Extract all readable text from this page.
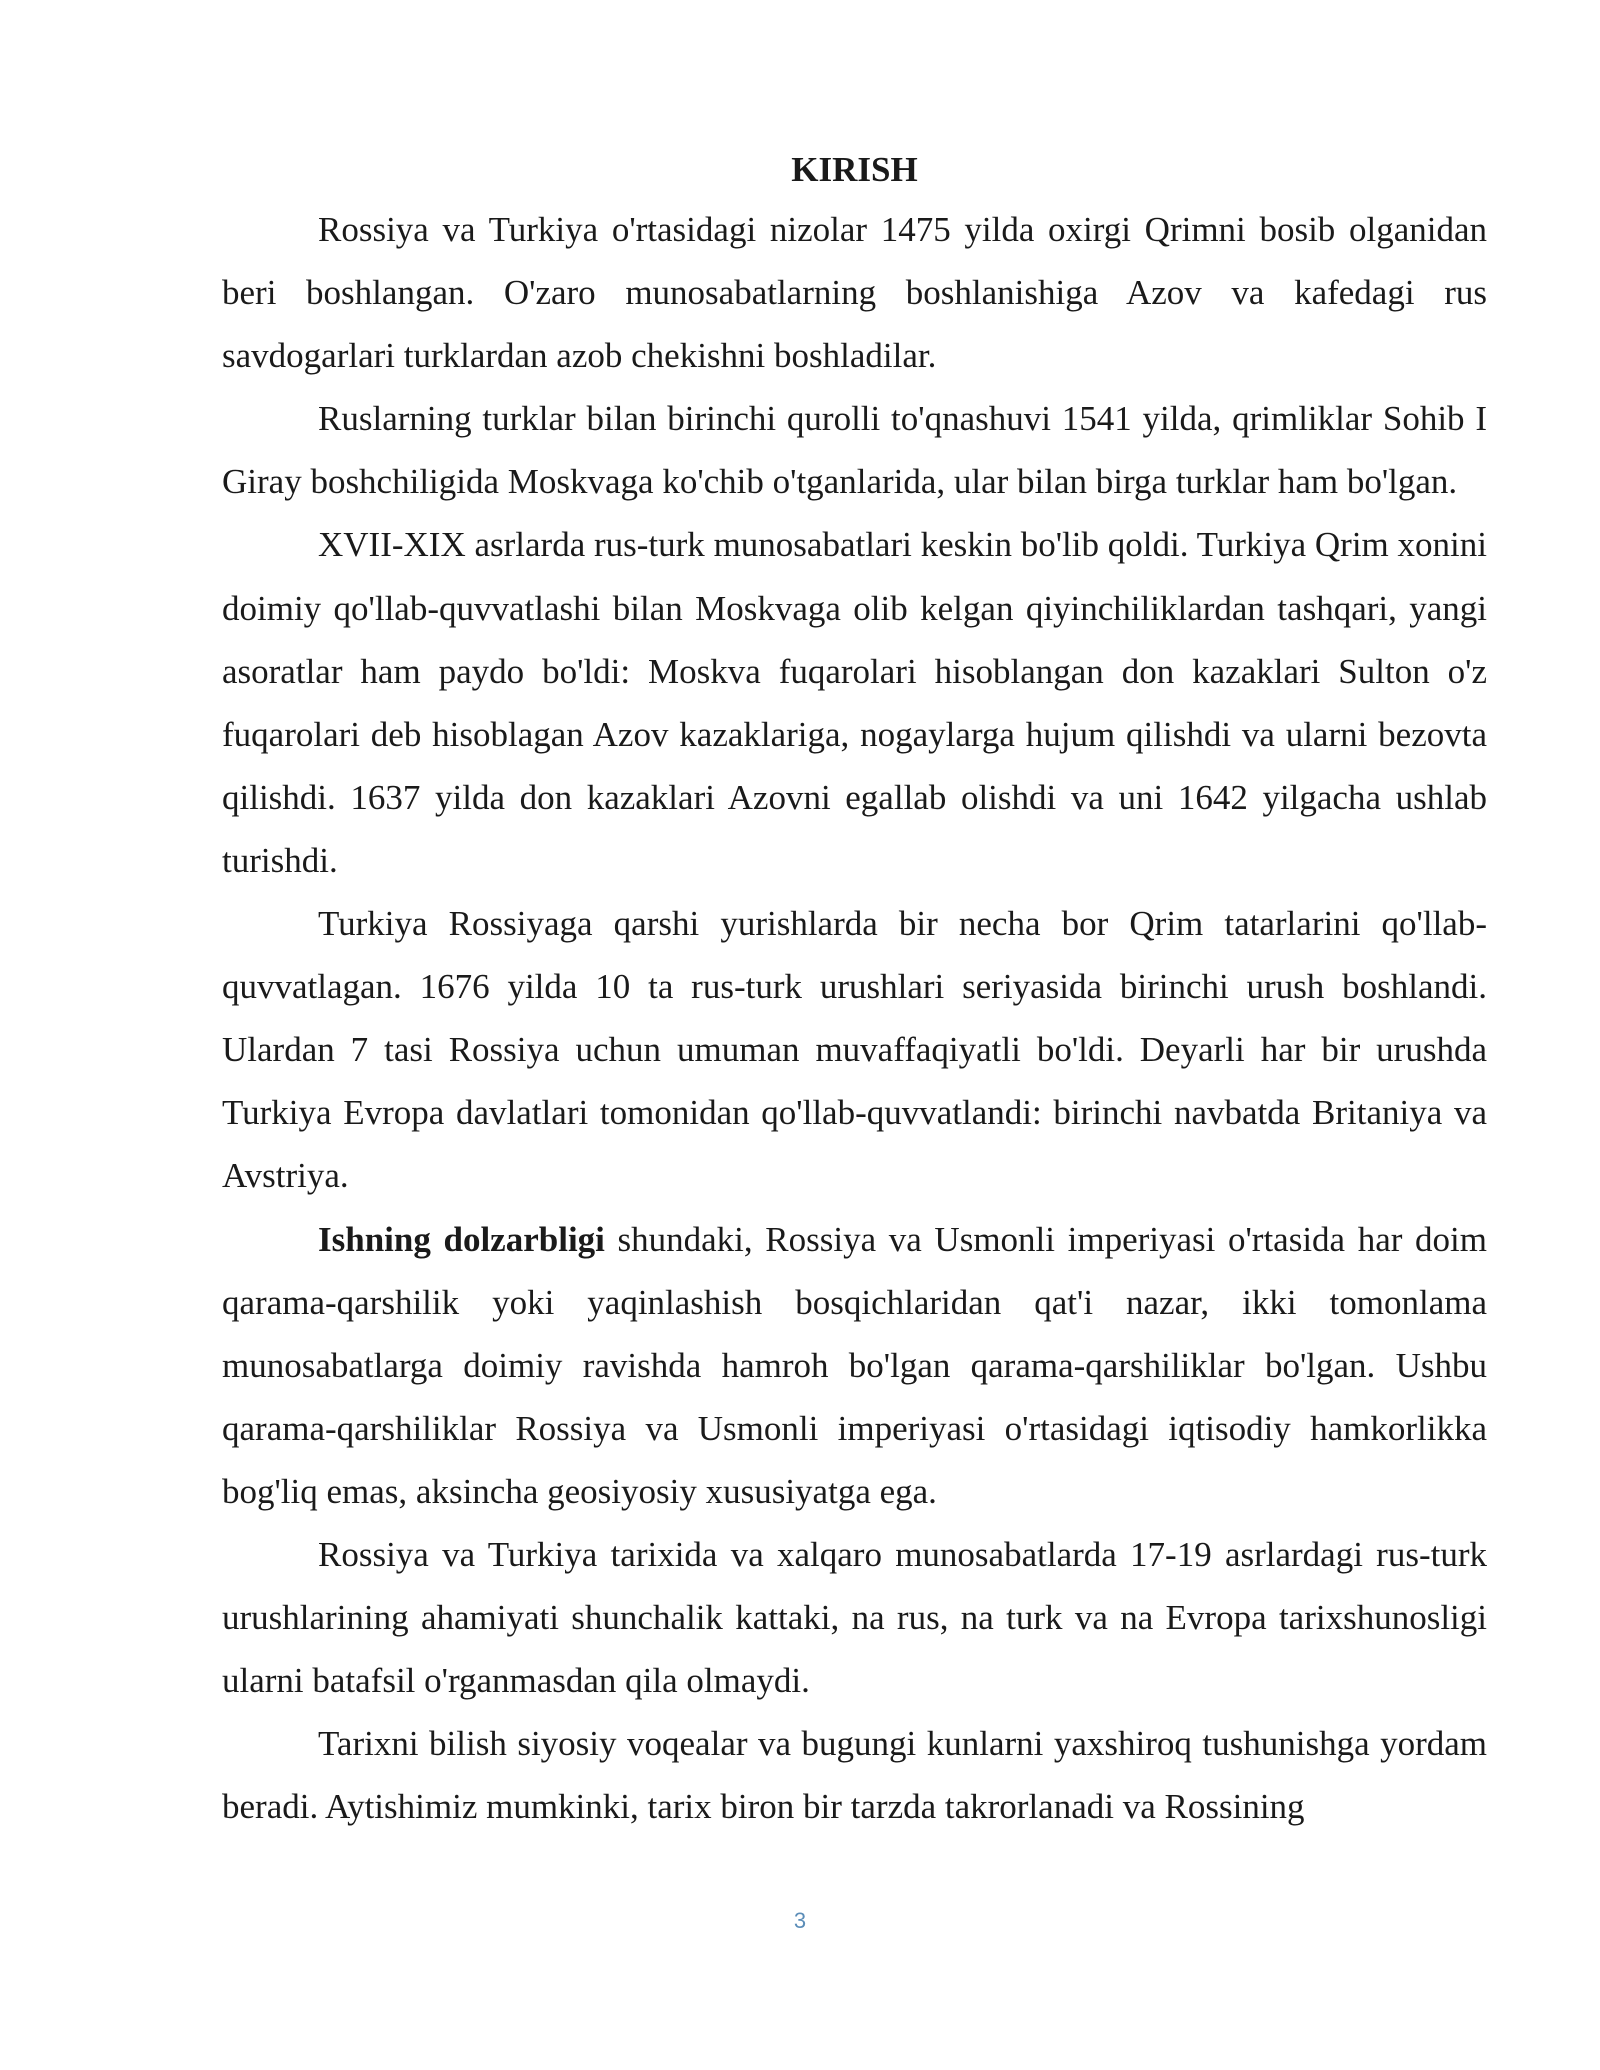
KIRISH

Rossiya va Turkiya o'rtasidagi nizolar 1475 yilda oxirgi Qrimni bosib olganidan beri boshlangan. O'zaro munosabatlarning boshlanishiga Azov va kafedagi rus savdogarlari turklardan azob chekishni boshladilar.

Ruslarning turklar bilan birinchi qurolli to'qnashuvi 1541 yilda, qrimliklar Sohib I Giray boshchiligida Moskvaga ko'chib o'tganlarida, ular bilan birga turklar ham bo'lgan.

XVII-XIX asrlarda rus-turk munosabatlari keskin bo'lib qoldi. Turkiya Qrim xonini doimiy qo'llab-quvvatlashi bilan Moskvaga olib kelgan qiyinchiliklardan tashqari, yangi asoratlar ham paydo bo'ldi: Moskva fuqarolari hisoblangan don kazaklari Sulton o'z fuqarolari deb hisoblagan Azov kazaklariga, nogaylarga hujum qilishdi va ularni bezovta qilishdi. 1637 yilda don kazaklari Azovni egallab olishdi va uni 1642 yilgacha ushlab turishdi.

Turkiya Rossiyaga qarshi yurishlarda bir necha bor Qrim tatarlarini qo'llab-quvvatlagan. 1676 yilda 10 ta rus-turk urushlari seriyasida birinchi urush boshlandi. Ulardan 7 tasi Rossiya uchun umuman muvaffaqiyatli bo'ldi. Deyarli har bir urushda Turkiya Evropa davlatlari tomonidan qo'llab-quvvatlandi: birinchi navbatda Britaniya va Avstriya.

Ishning dolzarbligi shundaki, Rossiya va Usmonli imperiyasi o'rtasida har doim qarama-qarshilik yoki yaqinlashish bosqichlaridan qat'i nazar, ikki tomonlama munosabatlarga doimiy ravishda hamroh bo'lgan qarama-qarshiliklar bo'lgan. Ushbu qarama-qarshiliklar Rossiya va Usmonli imperiyasi o'rtasidagi iqtisodiy hamkorlikka bog'liq emas, aksincha geosiyosiy xususiyatga ega.

Rossiya va Turkiya tarixida va xalqaro munosabatlarda 17-19 asrlardagi rus-turk urushlarining ahamiyati shunchalik kattaki, na rus, na turk va na Evropa tarixshunosligi ularni batafsil o'rganmasdan qila olmaydi.

Tarixni bilish siyosiy voqealar va bugungi kunlarni yaxshiroq tushunishga yordam beradi. Aytishimiz mumkinki, tarix biron bir tarzda takrorlanadi va Rossining

3
